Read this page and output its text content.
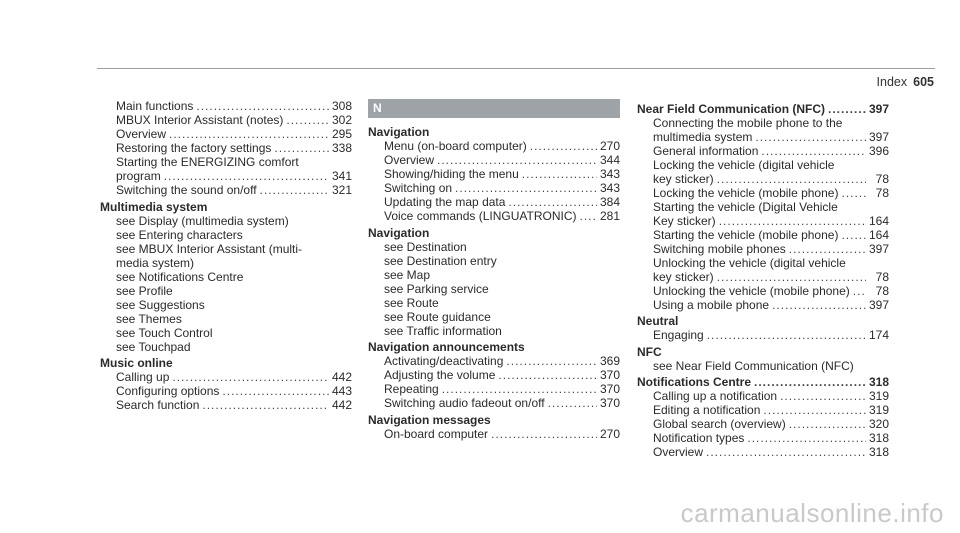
Index 605
Main functions .....	308
MBUX Interior Assistant (notes) .....	302
Overview .....	295
Restoring the factory settings .....	338
Starting the ENERGIZING comfort
program .....	341
Switching the sound on/off .....	321
Multimedia system
see Display (multimedia system)
see Entering characters
see MBUX Interior Assistant (multi-
media system)
see Notifications Centre
see Profile
see Suggestions
see Themes
see Touch Control
see Touchpad
Music online
Calling up .....	442
Configuring options .....	443
Search function .....	442
N
Navigation
Menu (on-board computer) .....	270
Overview .....	344
Showing/hiding the menu .....	343
Switching on .....	343
Updating the map data .....	384
Voice commands (LINGUATRONIC) ..... 281
Navigation
see Destination
see Destination entry
see Map
see Parking service
see Route
see Route guidance
see Traffic information
Navigation announcements
Activating/deactivating .....	369
Adjusting the volume .....	370
Repeating .....	370
Switching audio fadeout on/off .....	370
Navigation messages
On-board computer .....	270
Near Field Communication (NFC) .....	397
Connecting the mobile phone to the
multimedia system .....	397
General information .....	396
Locking the vehicle (digital vehicle
key sticker) .....	78
Locking the vehicle (mobile phone) .....	78
Starting the vehicle (Digital Vehicle
Key sticker) .....	164
Starting the vehicle (mobile phone) .....	164
Switching mobile phones .....	397
Unlocking the vehicle (digital vehicle
key sticker) .....	78
Unlocking the vehicle (mobile phone) .....	78
Using a mobile phone .....	397
Neutral
Engaging .....	174
NFC
see Near Field Communication (NFC)
Notifications Centre .....	318
Calling up a notification .....	319
Editing a notification .....	319
Global search (overview) .....	320
Notification types .....	318
Overview .....	318
carmanualsonline.info
